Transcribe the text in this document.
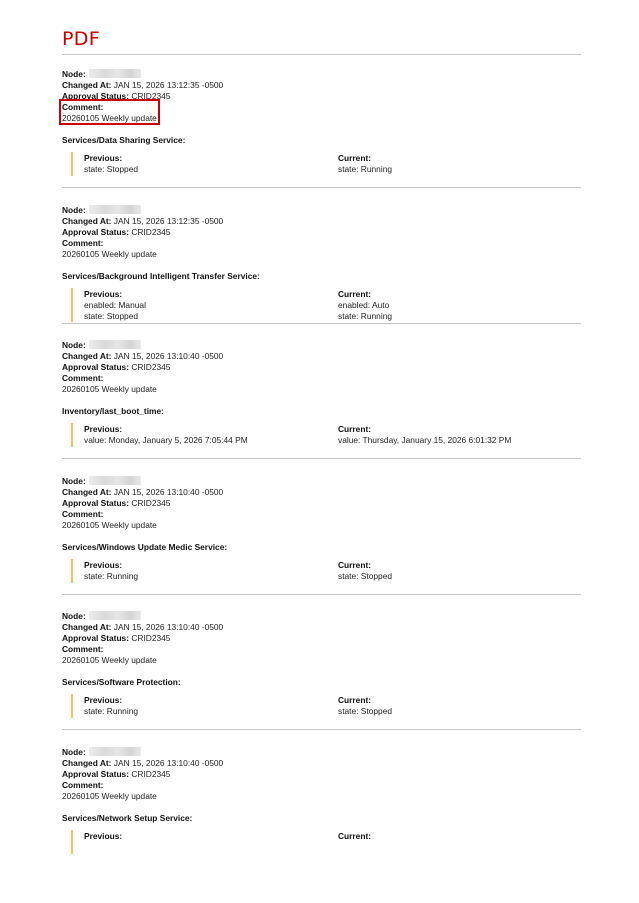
PDF
Node:
Changed At: JAN 15, 2026 13:12:35 -0500
Approval Status: CRID2345
Comment:
20260105 Weekly update
Services/Data Sharing Service:
Previous:
state: Stopped
Current:
state: Running
Node:
Changed At: JAN 15, 2026 13:12:35 -0500
Approval Status: CRID2345
Comment:
20260105 Weekly update
Services/Background Intelligent Transfer Service:
Previous:
enabled: Manual
state: Stopped
Current:
enabled: Auto
state: Running
Node:
Changed At: JAN 15, 2026 13:10:40 -0500
Approval Status: CRID2345
Comment:
20260105 Weekly update
Inventory/last_boot_time:
Previous:
value: Monday, January 5, 2026 7:05:44 PM
Current:
value: Thursday, January 15, 2026 6:01:32 PM
Node:
Changed At: JAN 15, 2026 13:10:40 -0500
Approval Status: CRID2345
Comment:
20260105 Weekly update
Services/Windows Update Medic Service:
Previous:
state: Running
Current:
state: Stopped
Node:
Changed At: JAN 15, 2026 13:10:40 -0500
Approval Status: CRID2345
Comment:
20260105 Weekly update
Services/Software Protection:
Previous:
state: Running
Current:
state: Stopped
Node:
Changed At: JAN 15, 2026 13:10:40 -0500
Approval Status: CRID2345
Comment:
20260105 Weekly update
Services/Network Setup Service:
Previous:	Current:
